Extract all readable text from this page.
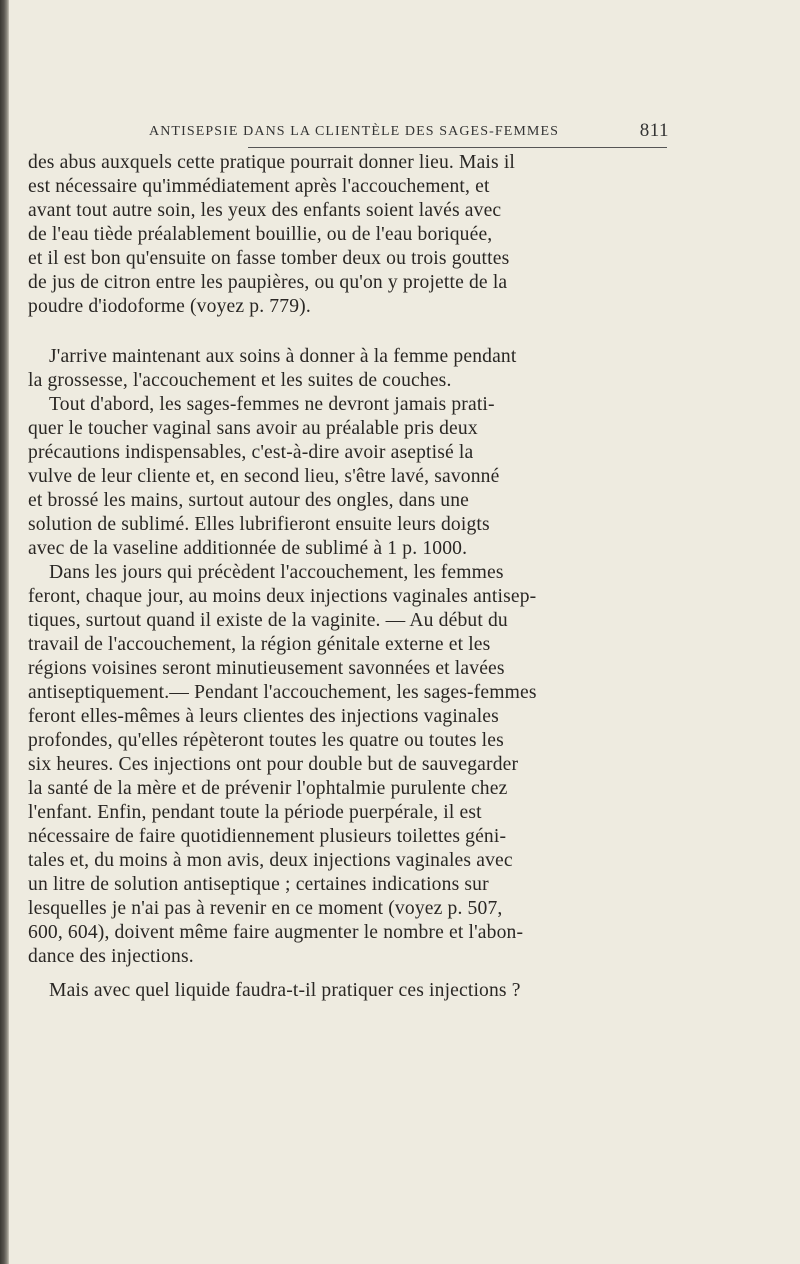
ANTISEPSIE DANS LA CLIENTÈLE DES SAGES-FEMMES	811
des abus auxquels cette pratique pourrait donner lieu. Mais il
est nécessaire qu'immédiatement après l'accouchement, et
avant tout autre soin, les yeux des enfants soient lavés avec
de l'eau tiède préalablement bouillie, ou de l'eau boriquée,
et il est bon qu'ensuite on fasse tomber deux ou trois gouttes
de jus de citron entre les paupières, ou qu'on y projette de la
poudre d'iodoforme (voyez p. 779).
J'arrive maintenant aux soins à donner à la femme pendant
la grossesse, l'accouchement et les suites de couches.
Tout d'abord, les sages-femmes ne devront jamais prati-
quer le toucher vaginal sans avoir au préalable pris deux
précautions indispensables, c'est-à-dire avoir aseptisé la
vulve de leur cliente et, en second lieu, s'être lavé, savonné
et brossé les mains, surtout autour des ongles, dans une
solution de sublimé. Elles lubrifieront ensuite leurs doigts
avec de la vaseline additionnée de sublimé à 1 p. 1000.
Dans les jours qui précèdent l'accouchement, les femmes
feront, chaque jour, au moins deux injections vaginales antisep-
tiques, surtout quand il existe de la vaginite. — Au début du
travail de l'accouchement, la région génitale externe et les
régions voisines seront minutieusement savonnées et lavées
antiseptiquement.— Pendant l'accouchement, les sages-femmes
feront elles-mêmes à leurs clientes des injections vaginales
profondes, qu'elles répèteront toutes les quatre ou toutes les
six heures. Ces injections ont pour double but de sauvegarder
la santé de la mère et de prévenir l'ophtalmie purulente chez
l'enfant. Enfin, pendant toute la période puerpérale, il est
nécessaire de faire quotidiennement plusieurs toilettes géni-
tales et, du moins à mon avis, deux injections vaginales avec
un litre de solution antiseptique ; certaines indications sur
lesquelles je n'ai pas à revenir en ce moment (voyez p. 507,
600, 604), doivent même faire augmenter le nombre et l'abon-
dance des injections.
Mais avec quel liquide faudra-t-il pratiquer ces injections ?
